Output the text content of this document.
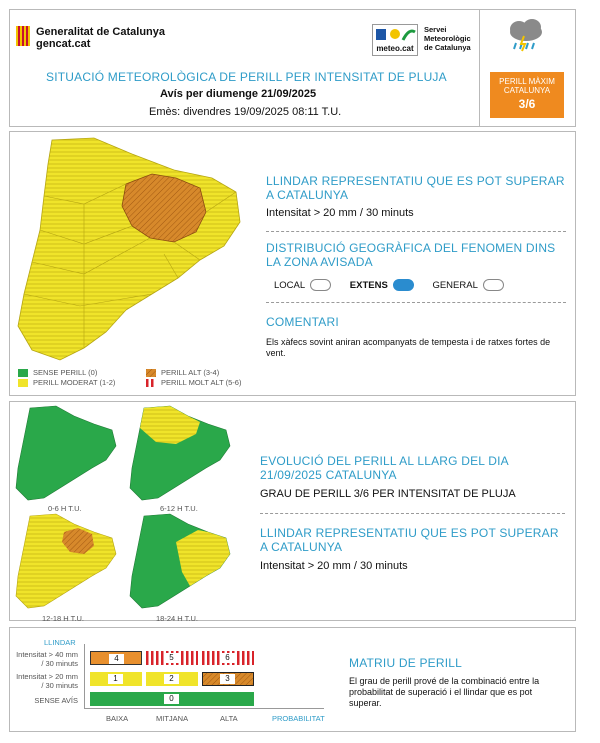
Generalitat de Catalunya
gencat.cat	meteo.cat
Servei
Meteorològic
de Catalunya
SITUACIÓ METEOROLÒGICA DE PERILL PER INTENSITAT DE PLUJA
Avís per diumenge 21/09/2025
Emès: divendres 19/09/2025 08:11 T.U.
PERILL MÀXIM
CATALUNYA
3/6
SENSE PERILL (0)
PERILL MODERAT (1-2)
PERILL ALT (3-4)
PERILL MOLT ALT (5-6)
LLINDAR REPRESENTATIU QUE ES POT SUPERAR A CATALUNYA
Intensitat > 20 mm / 30 minuts
DISTRIBUCIÓ GEOGRÀFICA DEL FENOMEN DINS LA ZONA AVISADA
LOCAL	EXTENS	GENERAL
COMENTARI
Els xàfecs sovint aniran acompanyats de tempesta i de ratxes fortes de vent.
0-6 H T.U.	6-12 H T.U.
12-18 H T.U.	18-24 H T.U.
EVOLUCIÓ DEL PERILL AL LLARG DEL DIA 21/09/2025 CATALUNYA
GRAU DE PERILL 3/6 PER INTENSITAT DE PLUJA
LLINDAR REPRESENTATIU QUE ES POT SUPERAR A CATALUNYA
Intensitat > 20 mm / 30 minuts
LLINDAR
Intensitat > 40 mm / 30 minuts
Intensitat > 20 mm / 30 minuts
SENSE AVÍS
4	5	6
1	2	3
0
BAIXA	MITJANA	ALTA	PROBABILITAT
MATRIU DE PERILL
El grau de perill prové de la combinació entre la probabilitat de superació i el llindar que es pot superar.
